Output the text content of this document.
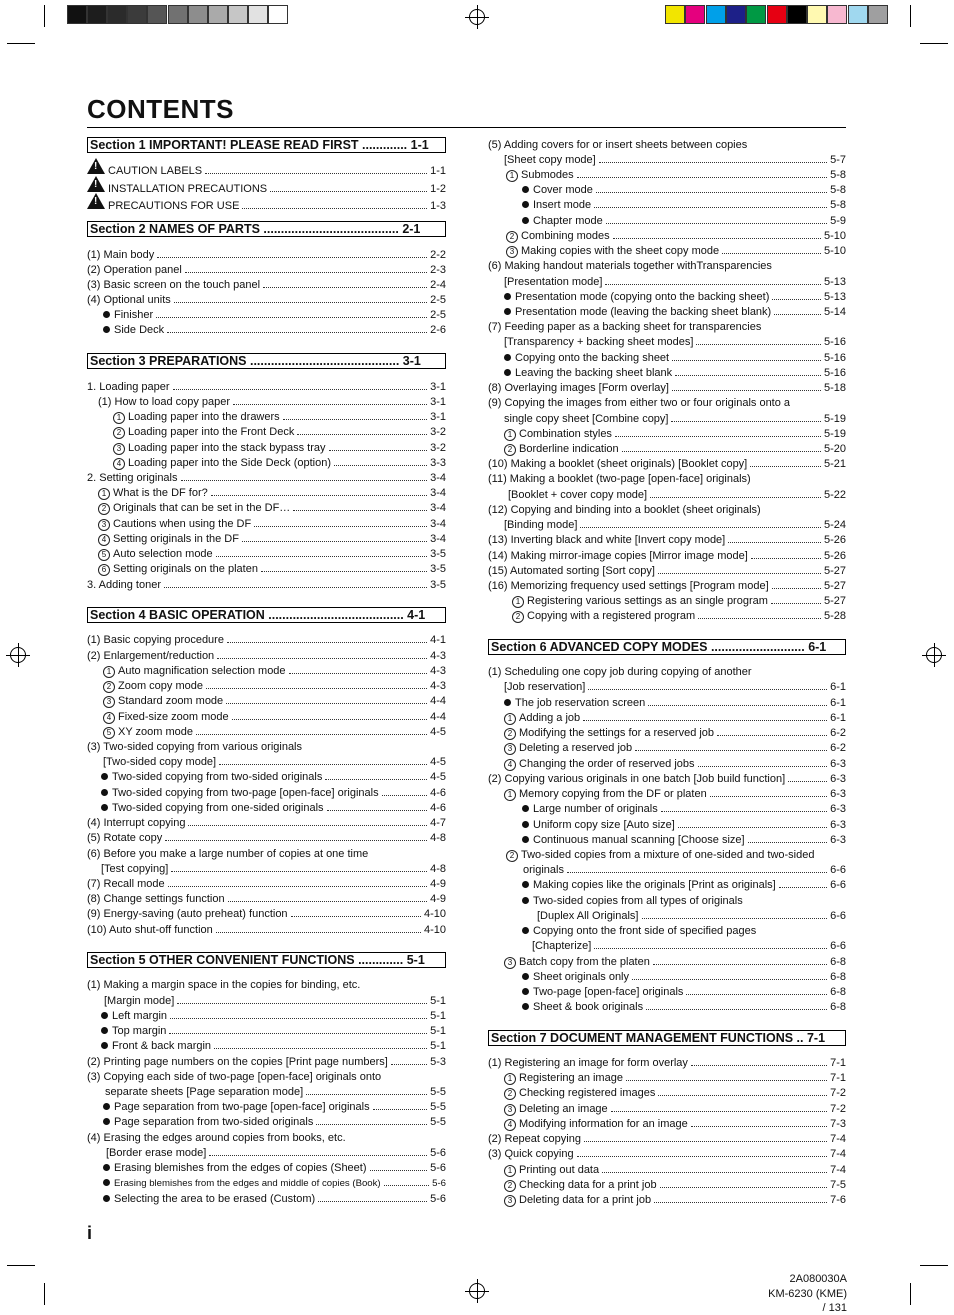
CONTENTS
Section 1 IMPORTANT! PLEASE READ FIRST ............. 1-1
!
CAUTION LABELS	1-1
!
INSTALLATION PRECAUTIONS	1-2
!
PRECAUTIONS FOR USE	1-3
Section 2 NAMES OF PARTS ....................................... 2-1
(1) Main body	2-2
(2) Operation panel	2-3
(3) Basic screen on the touch panel	2-4
(4) Optional units	2-5
Finisher	2-5
Side Deck	2-6
Section 3 PREPARATIONS ........................................... 3-1
1. Loading paper	3-1
(1) How to load copy paper	3-1
1 Loading paper into the drawers	3-1
2 Loading paper into the Front Deck	3-2
3 Loading paper into the stack bypass tray	3-2
4 Loading paper into the Side Deck (option)	3-3
2. Setting originals	3-4
1 What is the DF for?	3-4
2 Originals that can be set in the DF…	3-4
3 Cautions when using the DF	3-4
4 Setting originals in the DF	3-4
5 Auto selection mode	3-5
6 Setting originals on the platen	3-5
3. Adding toner	3-5
Section 4 BASIC OPERATION ....................................... 4-1
(1) Basic copying procedure	4-1
(2) Enlargement/reduction	4-3
1 Auto magnification selection mode	4-3
2 Zoom copy mode	4-3
3 Standard zoom mode	4-4
4 Fixed-size zoom mode	4-4
5 XY zoom mode	4-5
(3) Two-sided copying from various originals
[Two-sided copy mode]	4-5
Two-sided copying from two-sided originals	4-5
Two-sided copying from two-page [open-face] originals	4-6
Two-sided copying from one-sided originals	4-6
(4) Interrupt copying	4-7
(5) Rotate copy	4-8
(6) Before you make a large number of copies at one time
[Test copying]	4-8
(7) Recall mode	4-9
(8) Change settings function	4-9
(9) Energy-saving (auto preheat) function	4-10
(10) Auto shut-off function	4-10
Section 5 OTHER CONVENIENT FUNCTIONS ............. 5-1
(1) Making a margin space in the copies for binding, etc.
[Margin mode]	5-1
Left margin	5-1
Top margin	5-1
Front & back margin	5-1
(2) Printing page numbers on the copies [Print page numbers]	5-3
(3) Copying each side of two-page [open-face] originals onto
separate sheets [Page separation mode]	5-5
Page separation from two-page [open-face] originals	5-5
Page separation from two-sided originals	5-5
(4) Erasing the edges around copies from books, etc.
[Border erase mode]	5-6
Erasing blemishes from the edges of copies (Sheet)	5-6
Erasing blemishes from the edges and middle of copies (Book)	5-6
Selecting the area to be erased (Custom)	5-6
(5) Adding covers for or insert sheets between copies
[Sheet copy mode]	5-7
1 Submodes	5-8
Cover mode	5-8
Insert mode	5-8
Chapter mode	5-9
2 Combining modes	5-10
3 Making copies with the sheet copy mode	5-10
(6) Making handout materials together withTransparencies
[Presentation mode]	5-13
Presentation mode (copying onto the backing sheet)	5-13
Presentation mode (leaving the backing sheet blank)	5-14
(7) Feeding paper as a backing sheet for transparencies
[Transparency + backing sheet modes]	5-16
Copying onto the backing sheet	5-16
Leaving the backing sheet blank	5-16
(8) Overlaying images [Form overlay]	5-18
(9) Copying the images from either two or four originals onto a
single copy sheet [Combine copy]	5-19
1 Combination styles	5-19
2 Borderline indication	5-20
(10) Making a booklet (sheet originals) [Booklet copy]	5-21
(11) Making a booklet (two-page [open-face] originals)
[Booklet + cover copy mode]	5-22
(12) Copying and binding into a booklet (sheet originals)
[Binding mode]	5-24
(13) Inverting black and white [Invert copy mode]	5-26
(14) Making mirror-image copies [Mirror image mode]	5-26
(15) Automated sorting [Sort copy]	5-27
(16) Memorizing frequency used settings [Program mode]	5-27
1 Registering various settings as an single program	5-27
2 Copying with a registered program	5-28
Section 6 ADVANCED COPY MODES ........................... 6-1
(1) Scheduling one copy job during copying of another
[Job reservation]	6-1
The job reservation screen	6-1
1 Adding a job	6-1
2 Modifying the settings for a reserved job	6-2
3 Deleting a reserved job	6-2
4 Changing the order of reserved jobs	6-3
(2) Copying various originals in one batch [Job build function]	6-3
1 Memory copying from the DF or platen	6-3
Large number of originals	6-3
Uniform copy size [Auto size]	6-3
Continuous manual scanning [Choose size]	6-3
2 Two-sided copies from a mixture of one-sided and two-sided
originals	6-6
Making copies like the originals [Print as originals]	6-6
Two-sided copies from all types of originals
[Duplex All Originals]	6-6
Copying onto the front side of specified pages
[Chapterize]	6-6
3 Batch copy from the platen	6-8
Sheet originals only	6-8
Two-page [open-face] originals	6-8
Sheet & book originals	6-8
Section 7 DOCUMENT MANAGEMENT FUNCTIONS .. 7-1
(1) Registering an image for form overlay	7-1
1 Registering an image	7-1
2 Checking registered images	7-2
3 Deleting an image	7-2
4 Modifying information for an image	7-3
(2) Repeat copying	7-4
(3) Quick copying	7-4
1 Printing out data	7-4
2 Checking data for a print job	7-5
3 Deleting data for a print job	7-6
i
2A080030A
KM-6230 (KME)
/ 131
